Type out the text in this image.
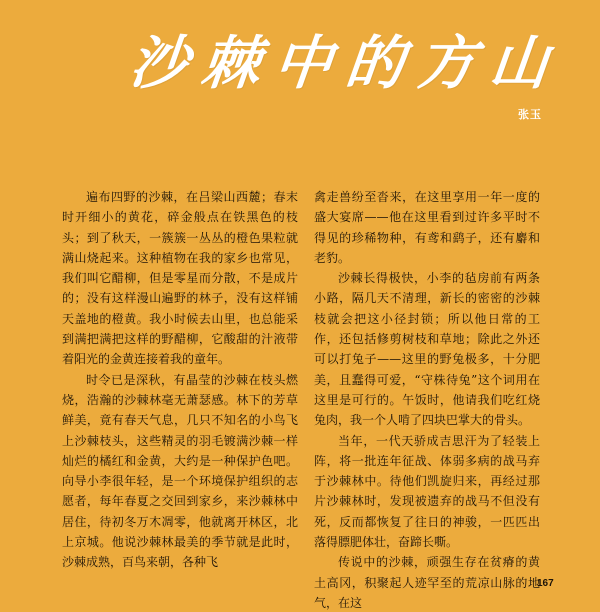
沙棘中的方山
张玉

遍布四野的沙棘，在吕梁山西麓；春末时开细小的黄花，碎金般点在铁黑色的枝头；到了秋天，一簇簇一丛丛的橙色果粒就满山烧起来。这种植物在我的家乡也常见，我们叫它醋柳，但是零星而分散，不是成片的；没有这样漫山遍野的林子，没有这样铺天盖地的橙黄。我小时候去山里，也总能采到满把满把这样的野醋柳，它酸甜的汁液带着阳光的金黄连接着我的童年。

时令已是深秋，有晶莹的沙棘在枝头燃烧，浩瀚的沙棘林毫无萧瑟感。林下的芳草鲜美，竟有春天气息，几只不知名的小鸟飞上沙棘枝头，这些精灵的羽毛镀满沙棘一样灿烂的橘红和金黄，大约是一种保护色吧。向导小李很年轻，是一个环境保护组织的志愿者，每年春夏之交回到家乡，来沙棘林中居住，待初冬万木凋零，他就离开林区，北上京城。他说沙棘林最美的季节就是此时，沙棘成熟，百鸟来朝，各种飞

禽走兽纷至沓来，在这里享用一年一度的盛大宴席——他在这里看到过许多平时不得见的珍稀物种，有鸢和鹞子，还有麝和老豹。

沙棘长得极快，小李的毡房前有两条小路，隔几天不清理，新长的密密的沙棘枝就会把这小径封锁；所以他日常的工作，还包括修剪树枝和草地；除此之外还可以打兔子——这里的野兔极多，十分肥美，且蠢得可爱，“守株待兔”这个词用在这里是可行的。午饭时，他请我们吃红烧兔肉，我一个人啃了四块巴掌大的骨头。

当年，一代天骄成吉思汗为了轻装上阵，将一批连年征战、体弱多病的战马弃于沙棘林中。待他们凯旋归来，再经过那片沙棘林时，发现被遗弃的战马不但没有死，反而都恢复了往日的神骏，一匹匹出落得膘肥体壮，奋蹄长嘶。

传说中的沙棘，顽强生存在贫瘠的黄土高冈，积聚起人迹罕至的荒凉山脉的地气，在这

167
